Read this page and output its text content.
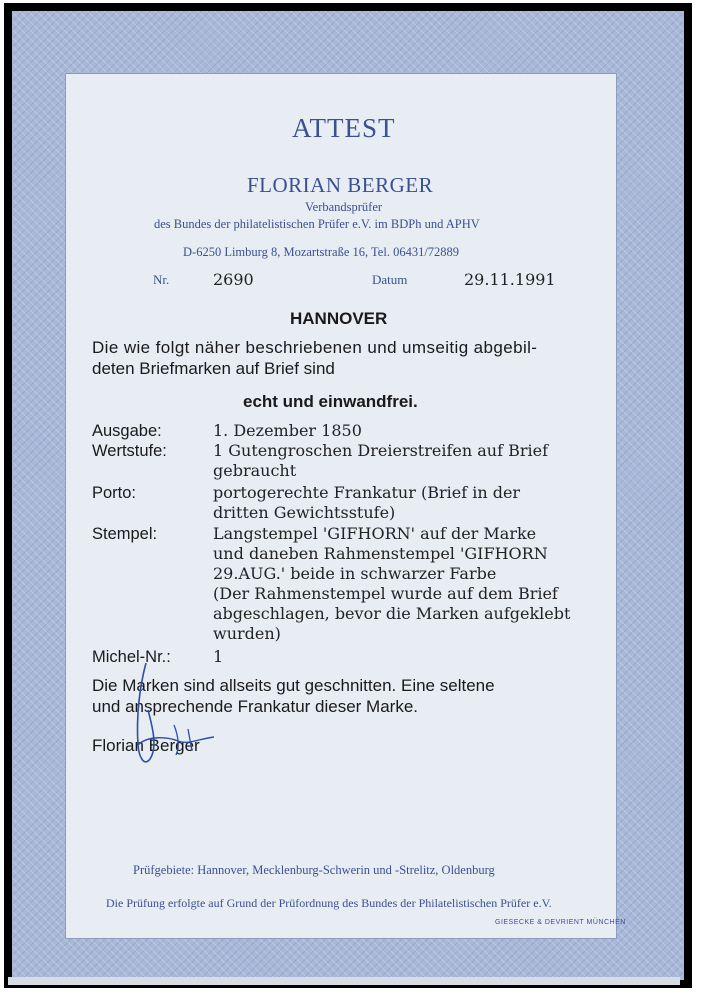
ATTEST
FLORIAN BERGER
Verbandsprüfer
des Bundes der philatelistischen Prüfer e.V. im BDPh und APHV
D-6250 Limburg 8, Mozartstraße 16, Tel. 06431/72889
Nr.	2690	Datum	29.11.1991
HANNOVER
Die wie folgt näher beschriebenen und umseitig abgebil-
deten Briefmarken auf Brief sind
echt und einwandfrei.
Ausgabe:	1. Dezember 1850
Wertstufe:	1 Gutengroschen Dreierstreifen auf Brief
gebraucht
Porto:	portogerechte Frankatur (Brief in der
dritten Gewichtsstufe)
Stempel:	Langstempel 'GIFHORN' auf der Marke
und daneben Rahmenstempel 'GIFHORN
29.AUG.' beide in schwarzer Farbe
(Der Rahmenstempel wurde auf dem Brief
abgeschlagen, bevor die Marken aufgeklebt
wurden)
Michel-Nr.:	1
Die Marken sind allseits gut geschnitten. Eine seltene
und ansprechende Frankatur dieser Marke.
Florian Berger
Prüfgebiete: Hannover, Mecklenburg-Schwerin und -Strelitz, Oldenburg
Die Prüfung erfolgte auf Grund der Prüfordnung des Bundes der Philatelistischen Prüfer e.V.
GIESECKE & DEVRIENT MÜNCHEN
